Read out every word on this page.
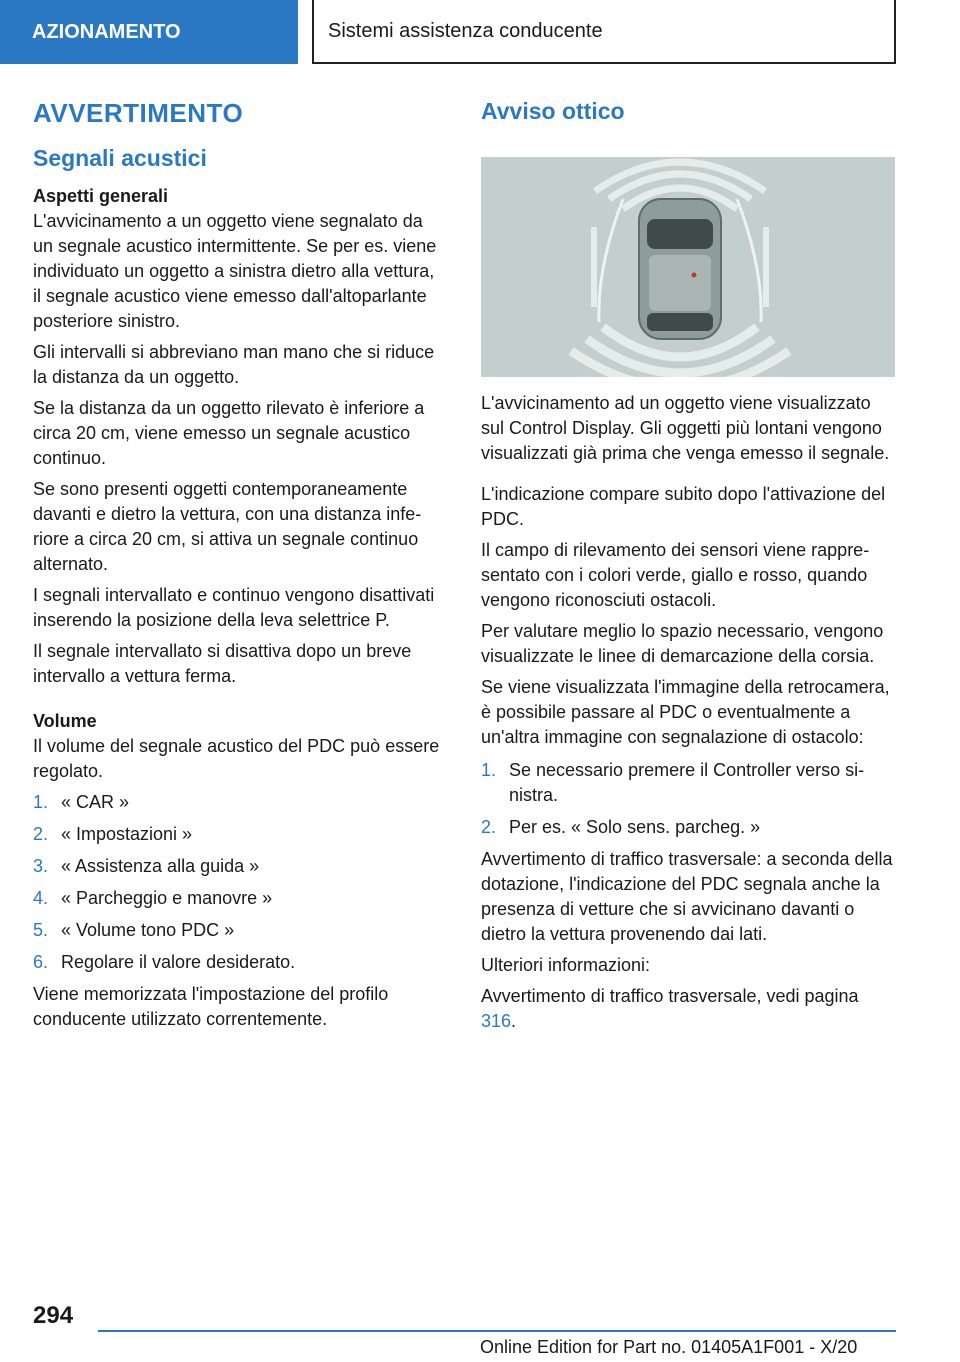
AZIONAMENTO	Sistemi assistenza conducente
AVVERTIMENTO
Segnali acustici
Aspetti generali

L'avvicinamento a un oggetto viene segnalato da un segnale acustico intermittente. Se per es. viene individuato un oggetto a sinistra dietro alla vettura, il segnale acustico viene emesso dall'altoparlante posteriore sinistro.

Gli intervalli si abbreviano man mano che si riduce la distanza da un oggetto.

Se la distanza da un oggetto rilevato è inferiore a circa 20 cm, viene emesso un segnale acustico continuo.

Se sono presenti oggetti contemporaneamente davanti e dietro la vettura, con una distanza inferiore a circa 20 cm, si attiva un segnale continuo alternato.

I segnali intervallato e continuo vengono disattivati inserendo la posizione della leva selettrice P.

Il segnale intervallato si disattiva dopo un breve intervallo a vettura ferma.

Volume

Il volume del segnale acustico del PDC può essere regolato.

1. « CAR »
2. « Impostazioni »
3. « Assistenza alla guida »
4. « Parcheggio e manovre »
5. « Volume tono PDC »
6. Regolare il valore desiderato.

Viene memorizzata l'impostazione del profilo conducente utilizzato correntemente.

Avviso ottico

L'avvicinamento ad un oggetto viene visualizzato sul Control Display. Gli oggetti più lontani vengono visualizzati già prima che venga emesso il segnale.

L'indicazione compare subito dopo l'attivazione del PDC.

Il campo di rilevamento dei sensori viene rappresentato con i colori verde, giallo e rosso, quando vengono riconosciuti ostacoli.

Per valutare meglio lo spazio necessario, vengono visualizzate le linee di demarcazione della corsia.

Se viene visualizzata l'immagine della retrocamera, è possibile passare al PDC o eventualmente a un'altra immagine con segnalazione di ostacolo:

1. Se necessario premere il Controller verso sinistra.
2. Per es. « Solo sens. parcheg. »

Avvertimento di traffico trasversale: a seconda della dotazione, l'indicazione del PDC segnala anche la presenza di vetture che si avvicinano davanti o dietro la vettura provenendo dai lati.

Ulteriori informazioni:

Avvertimento di traffico trasversale, vedi pagina 316.

294
Online Edition for Part no. 01405A1F001 - X/20
